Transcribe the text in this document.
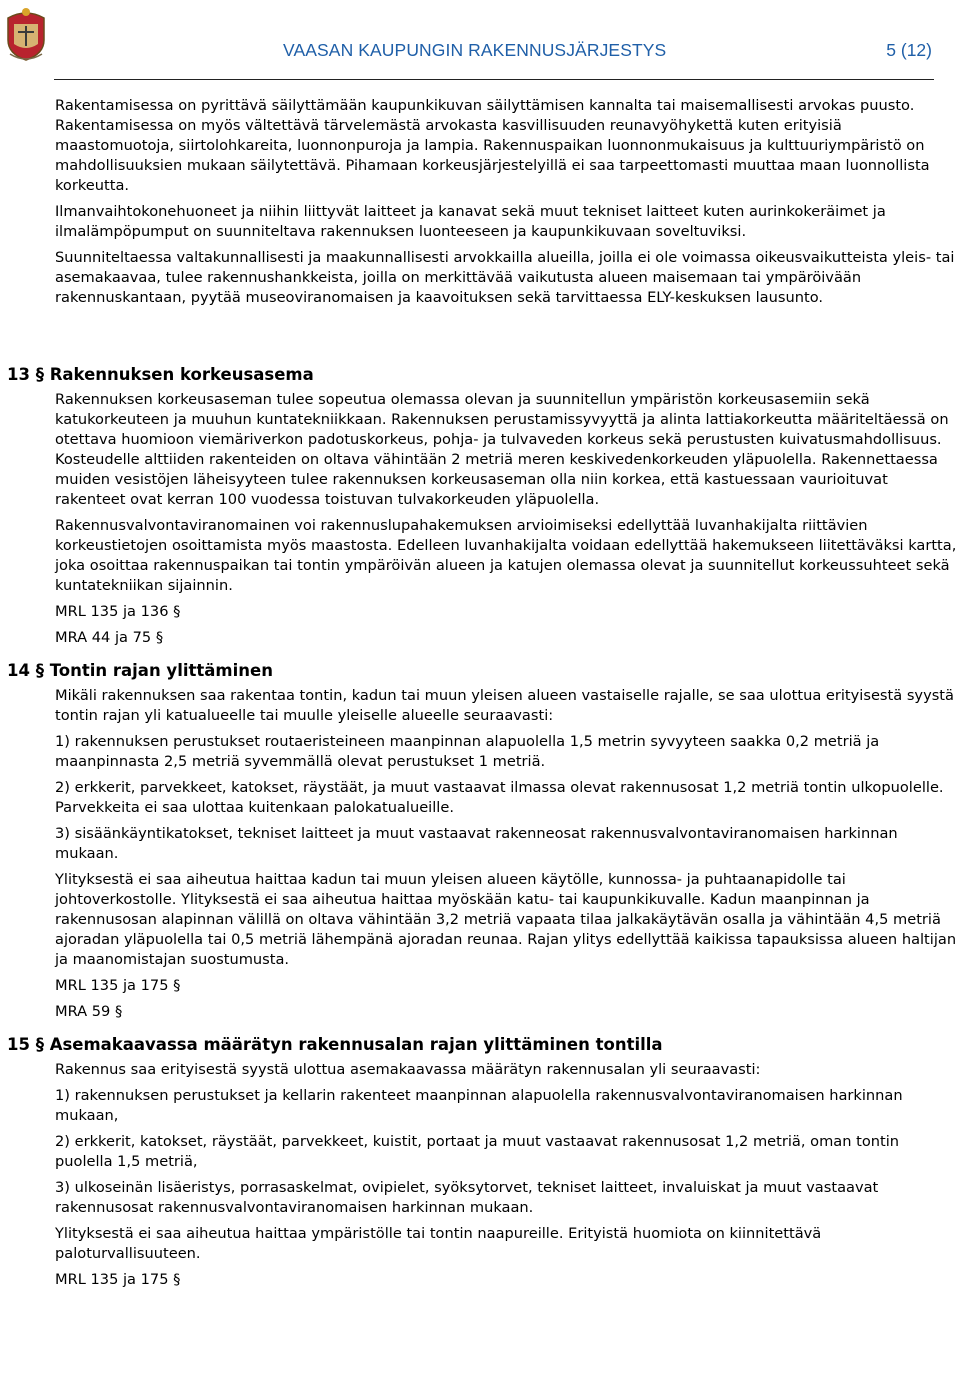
VAASAN KAUPUNGIN RAKENNUSJÄRJESTYS	5 (12)

Rakentamisessa on pyrittävä säilyttämään kaupunkikuvan säilyttämisen kannalta tai maisemallisesti arvokas puusto. Rakentamisessa on myös vältettävä tärvelemästä arvokasta kasvillisuuden reunavyöhykettä kuten erityisiä maastomuotoja, siirtolohkareita, luonnonpuroja ja lampia. Rakennuspaikan luonnonmukaisuus ja kulttuuriympäristö on mahdollisuuksien mukaan säilytettävä. Pihamaan korkeusjärjestelyillä ei saa tarpeettomasti muuttaa maan luonnollista korkeutta.

Ilmanvaihtokonehuoneet ja niihin liittyvät laitteet ja kanavat sekä muut tekniset laitteet kuten aurinkokeräimet ja ilmalämpöpumput on suunniteltava rakennuksen luonteeseen ja kaupunkikuvaan soveltuviksi.

Suunniteltaessa valtakunnallisesti ja maakunnallisesti arvokkailla alueilla, joilla ei ole voimassa oikeusvaikutteista yleis- tai asemakaavaa, tulee rakennushankkeista, joilla on merkittävää vaikutusta alueen maisemaan tai ympäröivään rakennuskantaan, pyytää museoviranomaisen ja kaavoituksen sekä tarvittaessa ELY-keskuksen lausunto.

13 § Rakennuksen korkeusasema

Rakennuksen korkeusaseman tulee sopeutua olemassa olevan ja suunnitellun ympäristön korkeusasemiin sekä katukorkeuteen ja muuhun kuntatekniikkaan. Rakennuksen perustamissyvyyttä ja alinta lattiakorkeutta määriteltäessä on otettava huomioon viemäriverkon padotuskorkeus, pohja- ja tulvaveden korkeus sekä perustusten kuivatusmahdollisuus. Kosteudelle alttiiden rakenteiden on oltava vähintään 2 metriä meren keskivedenkorkeuden yläpuolella. Rakennettaessa muiden vesistöjen läheisyyteen tulee rakennuksen korkeusaseman olla niin korkea, että kastuessaan vaurioituvat rakenteet ovat kerran 100 vuodessa toistuvan tulvakorkeuden yläpuolella.

Rakennusvalvontaviranomainen voi rakennuslupahakemuksen arvioimiseksi edellyttää luvanhakijalta riittävien korkeustietojen osoittamista myös maastosta. Edelleen luvanhakijalta voidaan edellyttää hakemukseen liitettäväksi kartta, joka osoittaa rakennuspaikan tai tontin ympäröivän alueen ja katujen olemassa olevat ja suunnitellut korkeussuhteet sekä kuntatekniikan sijainnin.

MRL 135 ja 136 §

MRA 44 ja 75 §

14 § Tontin rajan ylittäminen

Mikäli rakennuksen saa rakentaa tontin, kadun tai muun yleisen alueen vastaiselle rajalle, se saa ulottua erityisestä syystä tontin rajan yli katualueelle tai muulle yleiselle alueelle seuraavasti:

1) rakennuksen perustukset routaeristeineen maanpinnan alapuolella 1,5 metrin syvyyteen saakka 0,2 metriä ja maanpinnasta 2,5 metriä syvemmällä olevat perustukset 1 metriä.

2) erkkerit, parvekkeet, katokset, räystäät, ja muut vastaavat ilmassa olevat rakennusosat 1,2 metriä tontin ulkopuolelle. Parvekkeita ei saa ulottaa kuitenkaan palokatualueille.

3) sisäänkäyntikatokset, tekniset laitteet ja muut vastaavat rakenneosat rakennusvalvontaviranomaisen harkinnan mukaan.

Ylityksestä ei saa aiheutua haittaa kadun tai muun yleisen alueen käytölle, kunnossa- ja puhtaanapidolle tai johtoverkostolle. Ylityksestä ei saa aiheutua haittaa myöskään katu- tai kaupunkikuvalle. Kadun maanpinnan ja rakennusosan alapinnan välillä on oltava vähintään 3,2 metriä vapaata tilaa jalkakäytävän osalla ja vähintään 4,5 metriä ajoradan yläpuolella tai 0,5 metriä lähempänä ajoradan reunaa. Rajan ylitys edellyttää kaikissa tapauksissa alueen haltijan ja maanomistajan suostumusta.

MRL 135 ja 175 §

MRA 59 §

15 § Asemakaavassa määrätyn rakennusalan rajan ylittäminen tontilla

Rakennus saa erityisestä syystä ulottua asemakaavassa määrätyn rakennusalan yli seuraavasti:

1) rakennuksen perustukset ja kellarin rakenteet maanpinnan alapuolella rakennusvalvontaviranomaisen harkinnan mukaan,

2) erkkerit, katokset, räystäät, parvekkeet, kuistit, portaat ja muut vastaavat rakennusosat 1,2 metriä, oman tontin puolella 1,5 metriä,

3) ulkoseinän lisäeristys, porrasaskelmat, ovipielet, syöksytorvet, tekniset laitteet, invaluiskat ja muut vastaavat rakennusosat rakennusvalvontaviranomaisen harkinnan mukaan.

Ylityksestä ei saa aiheutua haittaa ympäristölle tai tontin naapureille. Erityistä huomiota on kiinnitettävä paloturvallisuuteen.

MRL 135 ja 175 §
